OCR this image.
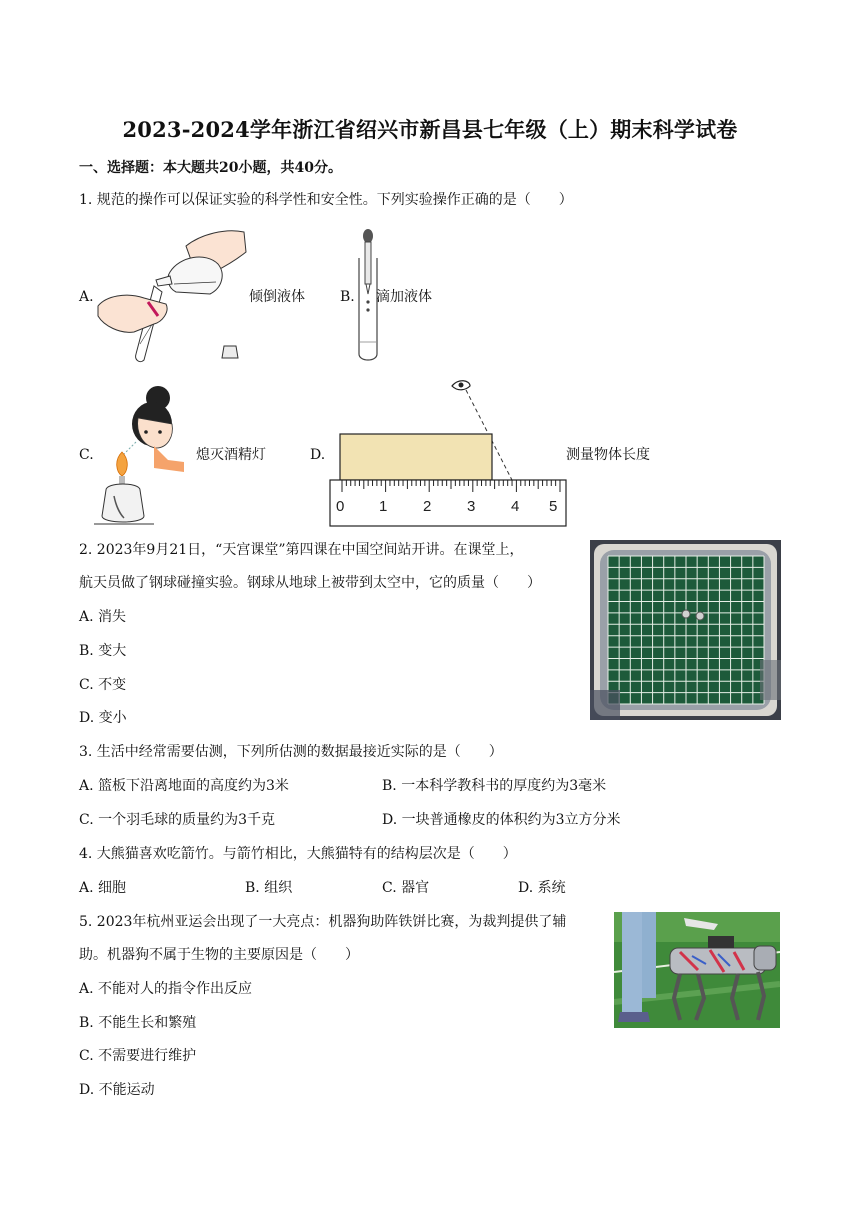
2023-2024学年浙江省绍兴市新昌县七年级（上）期末科学试卷
一、选择题：本大题共20小题，共40分。
1. 规范的操作可以保证实验的科学性和安全性。下列实验操作正确的是（　　）
A.	倾倒液体	B. 滴加液体
C.	熄灭酒精灯	D.
0 1 2 3 4 5
测量物体长度
2. 2023年9月21日，“天宫课堂”第四课在中国空间站开讲。在课堂上，
航天员做了钢球碰撞实验。钢球从地球上被带到太空中，它的质量（　　）
A. 消失
B. 变大
C. 不变
D. 变小
3. 生活中经常需要估测，下列所估测的数据最接近实际的是（　　）
A. 篮板下沿离地面的高度约为3米	B. 一本科学教科书的厚度约为3毫米
C. 一个羽毛球的质量约为3千克	D. 一块普通橡皮的体积约为3立方分米
4. 大熊猫喜欢吃箭竹。与箭竹相比，大熊猫特有的结构层次是（　　）
A. 细胞	B. 组织	C. 器官	D. 系统
5. 2023年杭州亚运会出现了一大亮点：机器狗助阵铁饼比赛，为裁判提供了辅
助。机器狗不属于生物的主要原因是（　　）
A. 不能对人的指令作出反应
B. 不能生长和繁殖
C. 不需要进行维护
D. 不能运动
